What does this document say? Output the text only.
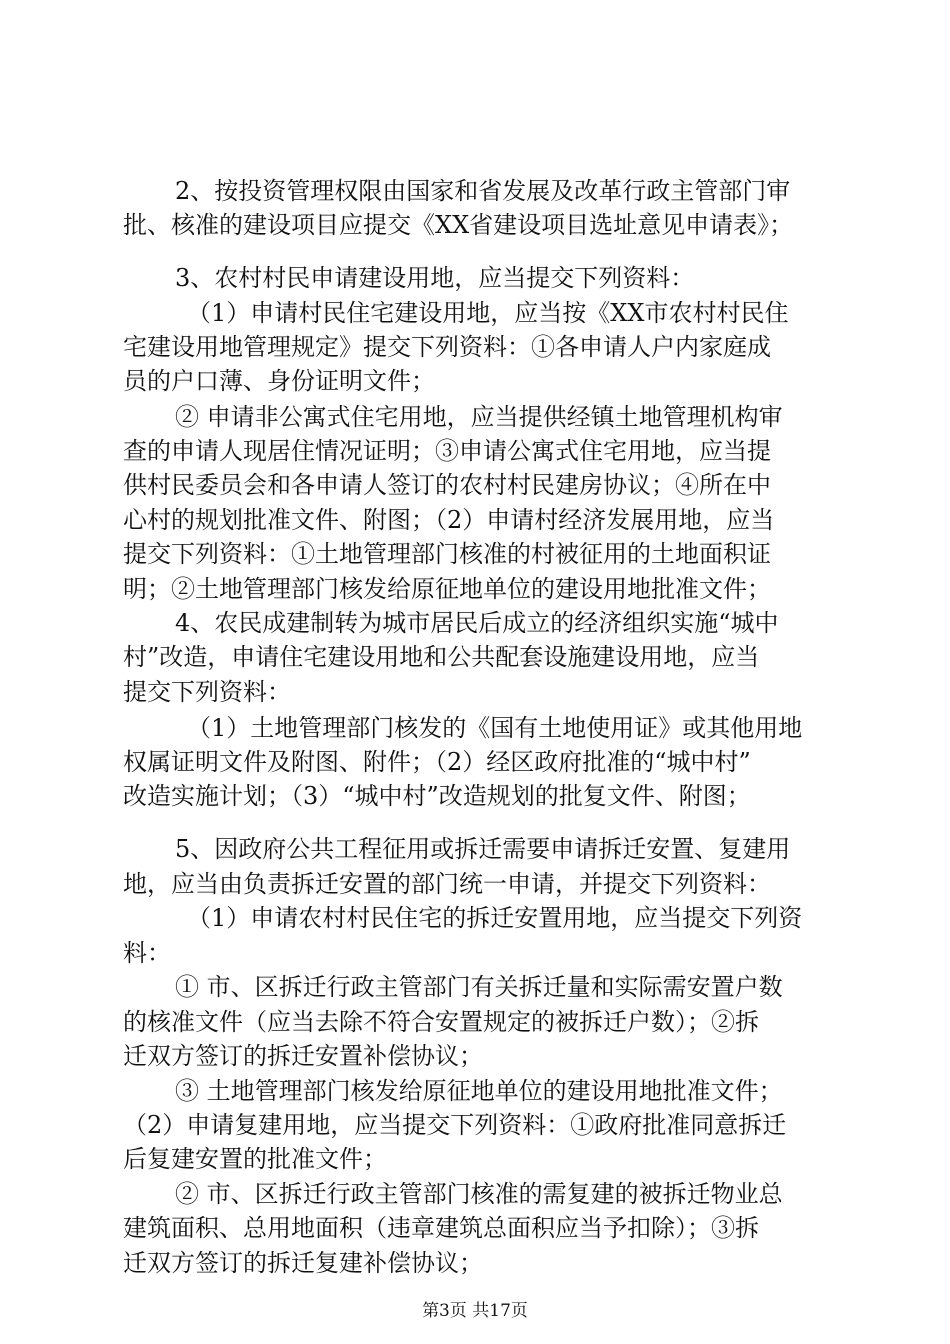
2、按投资管理权限由国家和省发展及改革行政主管部门审
批、核准的建设项目应提交《XX省建设项目选址意见申请表》；
3、农村村民申请建设用地，应当提交下列资料：
（1）申请村民住宅建设用地，应当按《XX市农村村民住
宅建设用地管理规定》提交下列资料：①各申请人户内家庭成
员的户口薄、身份证明文件；
② 申请非公寓式住宅用地，应当提供经镇土地管理机构审
查的申请人现居住情况证明；③申请公寓式住宅用地，应当提
供村民委员会和各申请人签订的农村村民建房协议；④所在中
心村的规划批准文件、附图；（2）申请村经济发展用地，应当
提交下列资料：①土地管理部门核准的村被征用的土地面积证
明；②土地管理部门核发给原征地单位的建设用地批准文件；
4、农民成建制转为城市居民后成立的经济组织实施“城中
村”改造，申请住宅建设用地和公共配套设施建设用地，应当
提交下列资料：
（1）土地管理部门核发的《国有土地使用证》或其他用地
权属证明文件及附图、附件；（2）经区政府批准的“城中村”
改造实施计划；（3）“城中村”改造规划的批复文件、附图；
5、因政府公共工程征用或拆迁需要申请拆迁安置、复建用
地，应当由负责拆迁安置的部门统一申请，并提交下列资料：
（1）申请农村村民住宅的拆迁安置用地，应当提交下列资
料：
① 市、区拆迁行政主管部门有关拆迁量和实际需安置户数
的核准文件（应当去除不符合安置规定的被拆迁户数）；②拆
迁双方签订的拆迁安置补偿协议；
③ 土地管理部门核发给原征地单位的建设用地批准文件；
（2）申请复建用地，应当提交下列资料：①政府批准同意拆迁
后复建安置的批准文件；
② 市、区拆迁行政主管部门核准的需复建的被拆迁物业总
建筑面积、总用地面积（违章建筑总面积应当予扣除）；③拆
迁双方签订的拆迁复建补偿协议；
第3页 共17页
